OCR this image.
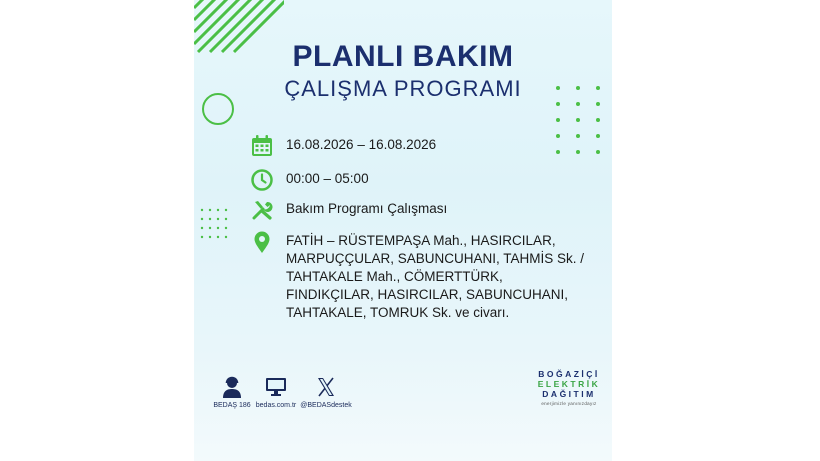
PLANLI BAKIM
ÇALIŞMA PROGRAMI
16.08.2026 – 16.08.2026
00:00 – 05:00
Bakım Programı Çalışması
FATİH – RÜSTEMPAŞA Mah., HASIRCILAR,
MARPUÇÇULAR, SABUNCUHANI, TAHMİS Sk. /
TAHTAKALE Mah., CÖMERTTÜRK,
FINDIKÇILAR, HASIRCILAR, SABUNCUHANI,
TAHTAKALE, TOMRUK Sk. ve civarı.
BEDAŞ 186 bedas.com.tr @BEDASdestek
BOĞAZİÇİ
ELEKTRİK
DAĞITIM
enerjimizle yanınızdayız
